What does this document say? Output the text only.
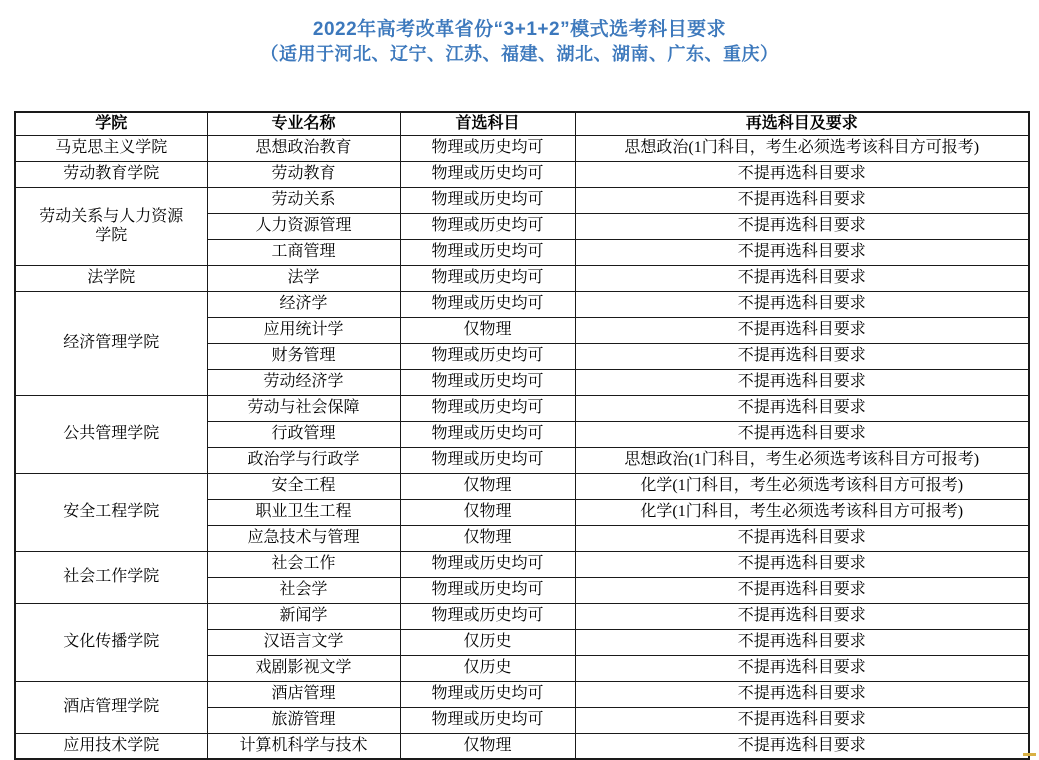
2022年高考改革省份“3+1+2”模式选考科目要求
（适用于河北、辽宁、江苏、福建、湖北、湖南、广东、重庆）
学院	专业名称	首选科目	再选科目及要求
马克思主义学院	思想政治教育	物理或历史均可	思想政治(1门科目，考生必须选考该科目方可报考)
劳动教育学院	劳动教育	物理或历史均可	不提再选科目要求
劳动关系与人力资源学院	劳动关系	物理或历史均可	不提再选科目要求
	人力资源管理	物理或历史均可	不提再选科目要求
	工商管理	物理或历史均可	不提再选科目要求
法学院	法学	物理或历史均可	不提再选科目要求
经济管理学院	经济学	物理或历史均可	不提再选科目要求
	应用统计学	仅物理	不提再选科目要求
	财务管理	物理或历史均可	不提再选科目要求
	劳动经济学	物理或历史均可	不提再选科目要求
公共管理学院	劳动与社会保障	物理或历史均可	不提再选科目要求
	行政管理	物理或历史均可	不提再选科目要求
	政治学与行政学	物理或历史均可	思想政治(1门科目，考生必须选考该科目方可报考)
安全工程学院	安全工程	仅物理	化学(1门科目，考生必须选考该科目方可报考)
	职业卫生工程	仅物理	化学(1门科目，考生必须选考该科目方可报考)
	应急技术与管理	仅物理	不提再选科目要求
社会工作学院	社会工作	物理或历史均可	不提再选科目要求
	社会学	物理或历史均可	不提再选科目要求
文化传播学院	新闻学	物理或历史均可	不提再选科目要求
	汉语言文学	仅历史	不提再选科目要求
	戏剧影视文学	仅历史	不提再选科目要求
酒店管理学院	酒店管理	物理或历史均可	不提再选科目要求
	旅游管理	物理或历史均可	不提再选科目要求
应用技术学院	计算机科学与技术	仅物理	不提再选科目要求
